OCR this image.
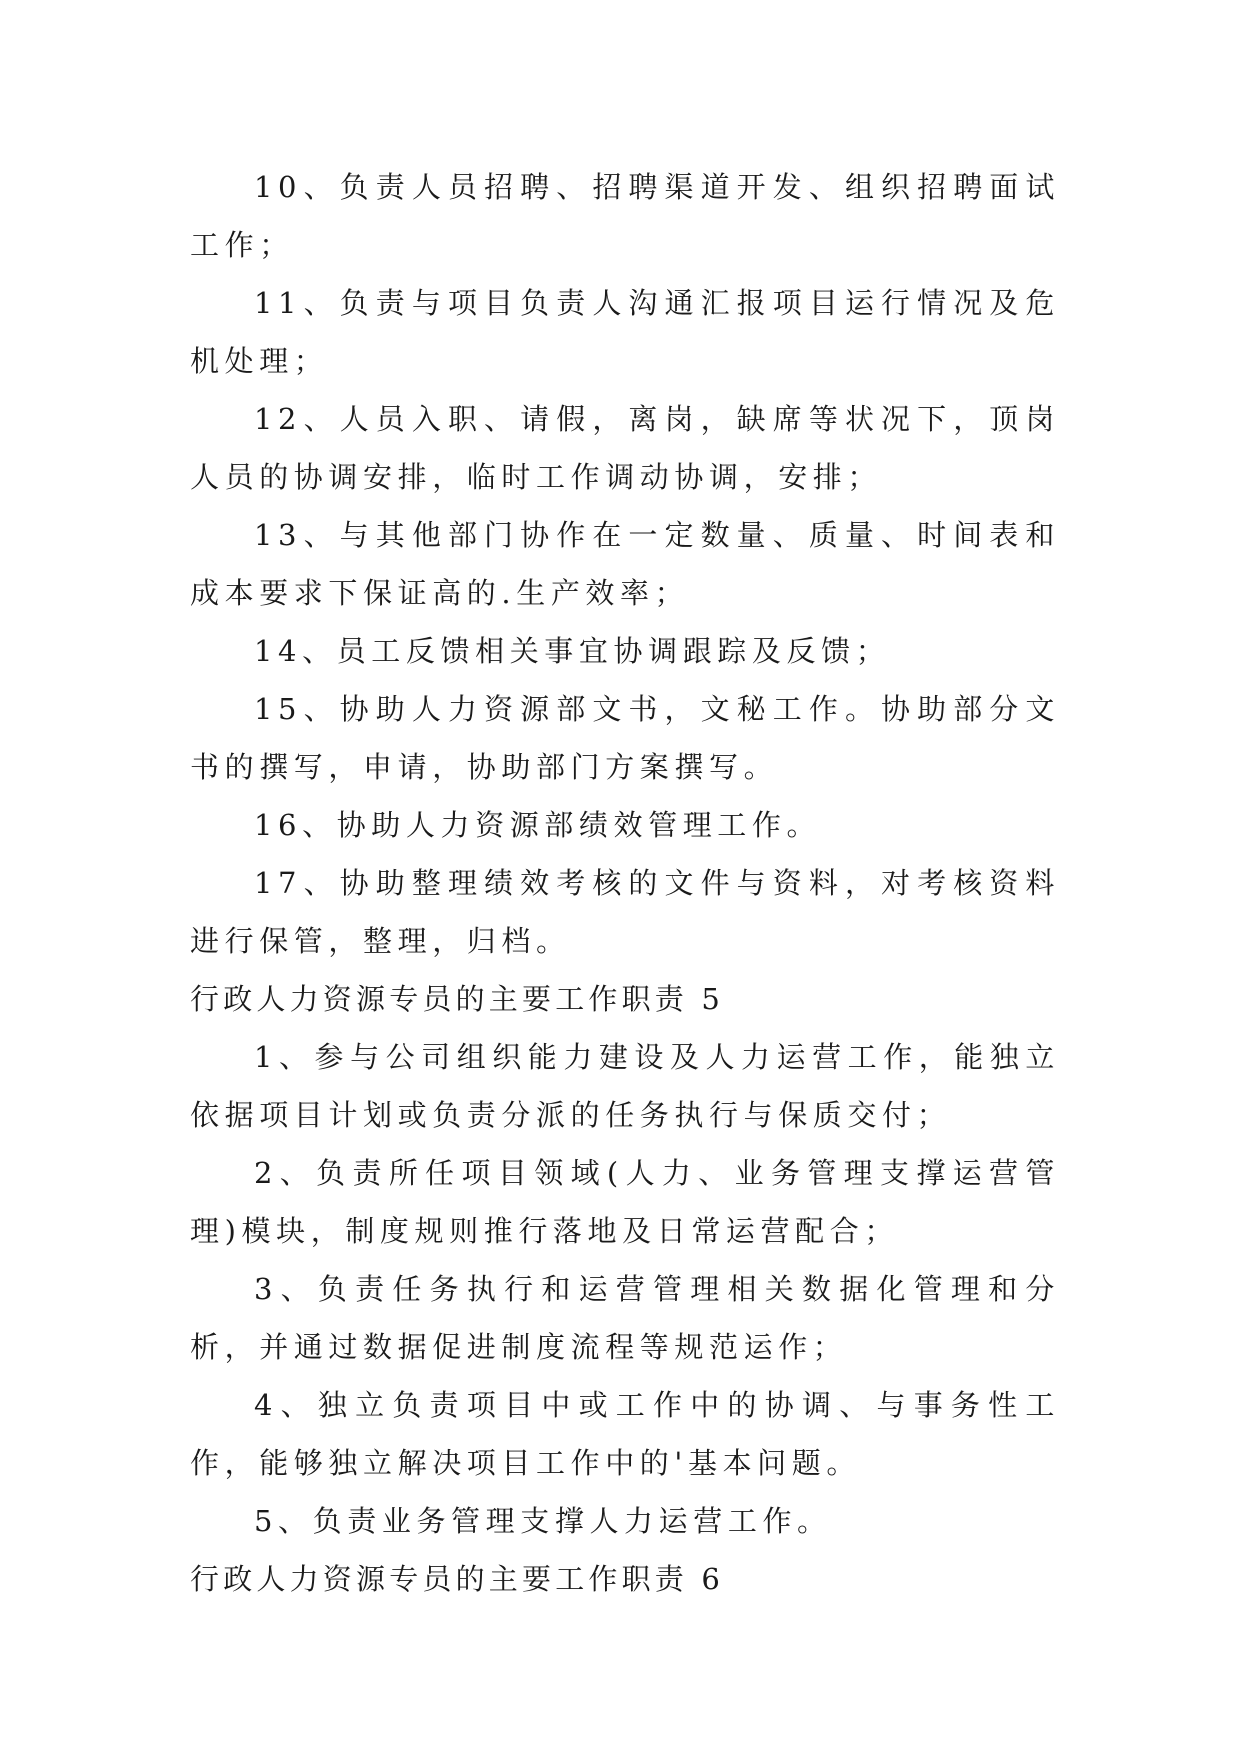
10、负责人员招聘、招聘渠道开发、组织招聘面试工作；

11、负责与项目负责人沟通汇报项目运行情况及危机处理；

12、人员入职、请假，离岗，缺席等状况下，顶岗人员的协调安排，临时工作调动协调，安排；

13、与其他部门协作在一定数量、质量、时间表和成本要求下保证高的.生产效率；

14、员工反馈相关事宜协调跟踪及反馈；

15、协助人力资源部文书，文秘工作。协助部分文书的撰写，申请，协助部门方案撰写。

16、协助人力资源部绩效管理工作。

17、协助整理绩效考核的文件与资料，对考核资料进行保管，整理，归档。

行政人力资源专员的主要工作职责 5

1、参与公司组织能力建设及人力运营工作，能独立依据项目计划或负责分派的任务执行与保质交付；

2、负责所任项目领域(人力、业务管理支撑运营管理)模块，制度规则推行落地及日常运营配合；

3、负责任务执行和运营管理相关数据化管理和分析，并通过数据促进制度流程等规范运作；

4、独立负责项目中或工作中的协调、与事务性工作，能够独立解决项目工作中的'基本问题。

5、负责业务管理支撑人力运营工作。

行政人力资源专员的主要工作职责 6
